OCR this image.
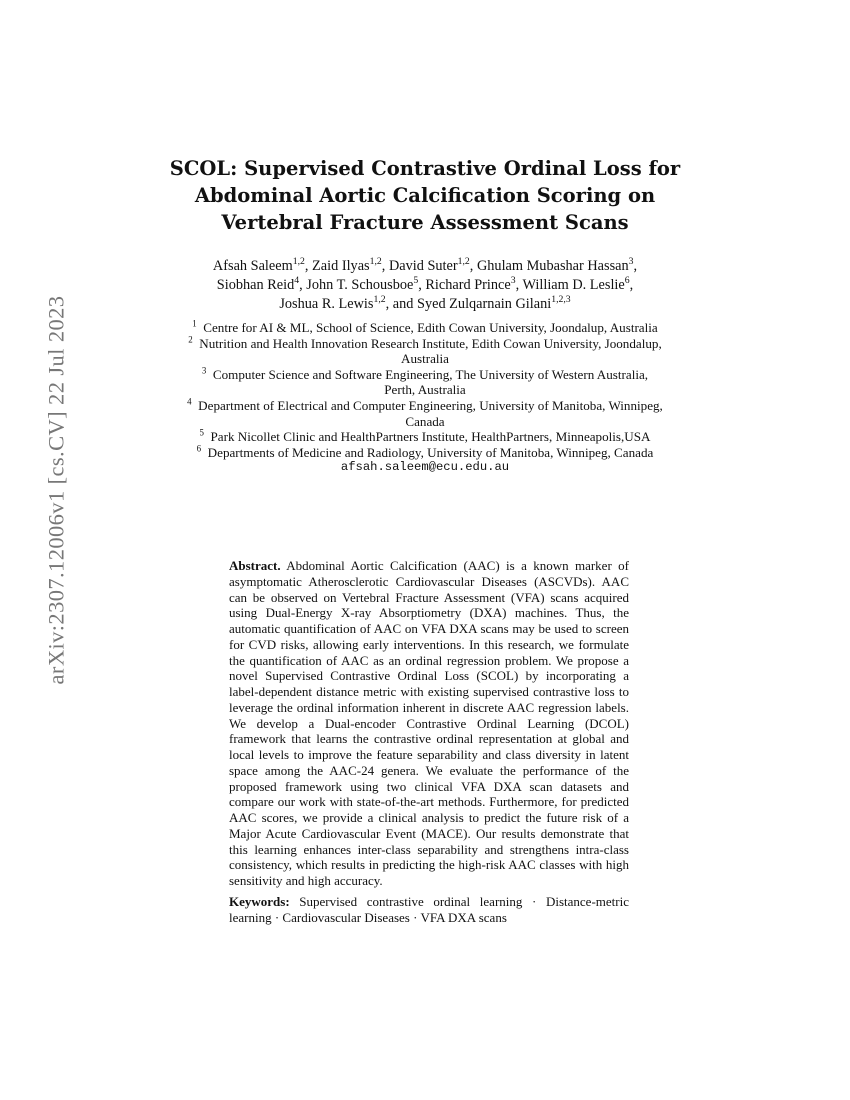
arXiv:2307.12006v1 [cs.CV] 22 Jul 2023
SCOL: Supervised Contrastive Ordinal Loss for
Abdominal Aortic Calcification Scoring on
Vertebral Fracture Assessment Scans
Afsah Saleem$^{1,2}$, Zaid Ilyas$^{1,2}$, David Suter$^{1,2}$, Ghulam Mubashar Hassan$^3$,
Siobhan Reid$^4$, John T. Schousboe$^5$, Richard Prince$^3$, William D. Leslie$^6$,
Joshua R. Lewis$^{1,2}$, and Syed Zulqarnain Gilani$^{1,2,3}$

$^1$ Centre for AI & ML, School of Science, Edith Cowan University, Joondalup, Australia

$^2$ Nutrition and Health Innovation Research Institute, Edith Cowan University, Joondalup, Australia

$^3$ Computer Science and Software Engineering, The University of Western Australia, Perth, Australia

$^4$ Department of Electrical and Computer Engineering, University of Manitoba, Winnipeg, Canada

$^5$ Park Nicollet Clinic and HealthPartners Institute, HealthPartners, Minneapolis,USA

$^6$ Departments of Medicine and Radiology, University of Manitoba, Winnipeg, Canada

afsah.saleem@ecu.edu.au

Abstract. Abdominal Aortic Calcification (AAC) is a known marker of asymptomatic Atherosclerotic Cardiovascular Diseases (ASCVDs). AAC can be observed on Vertebral Fracture Assessment (VFA) scans acquired using Dual-Energy X-ray Absorptiometry (DXA) machines. Thus, the automatic quantification of AAC on VFA DXA scans may be used to screen for CVD risks, allowing early interventions. In this research, we formulate the quantification of AAC as an ordinal regression problem. We propose a novel Supervised Contrastive Ordinal Loss (SCOL) by incorporating a label-dependent distance metric with existing supervised contrastive loss to leverage the ordinal information inherent in discrete AAC regression labels. We develop a Dual-encoder Contrastive Ordinal Learning (DCOL) framework that learns the contrastive ordinal representation at global and local levels to improve the feature separability and class diversity in latent space among the AAC-24 genera. We evaluate the performance of the proposed framework using two clinical VFA DXA scan datasets and compare our work with state-of-the-art methods. Furthermore, for predicted AAC scores, we provide a clinical analysis to predict the future risk of a Major Acute Cardiovascular Event (MACE). Our results demonstrate that this learning enhances inter-class separability and strengthens intra-class consistency, which results in predicting the high-risk AAC classes with high sensitivity and high accuracy.

Keywords: Supervised contrastive ordinal learning · Distance-metric learning · Cardiovascular Diseases · VFA DXA scans
